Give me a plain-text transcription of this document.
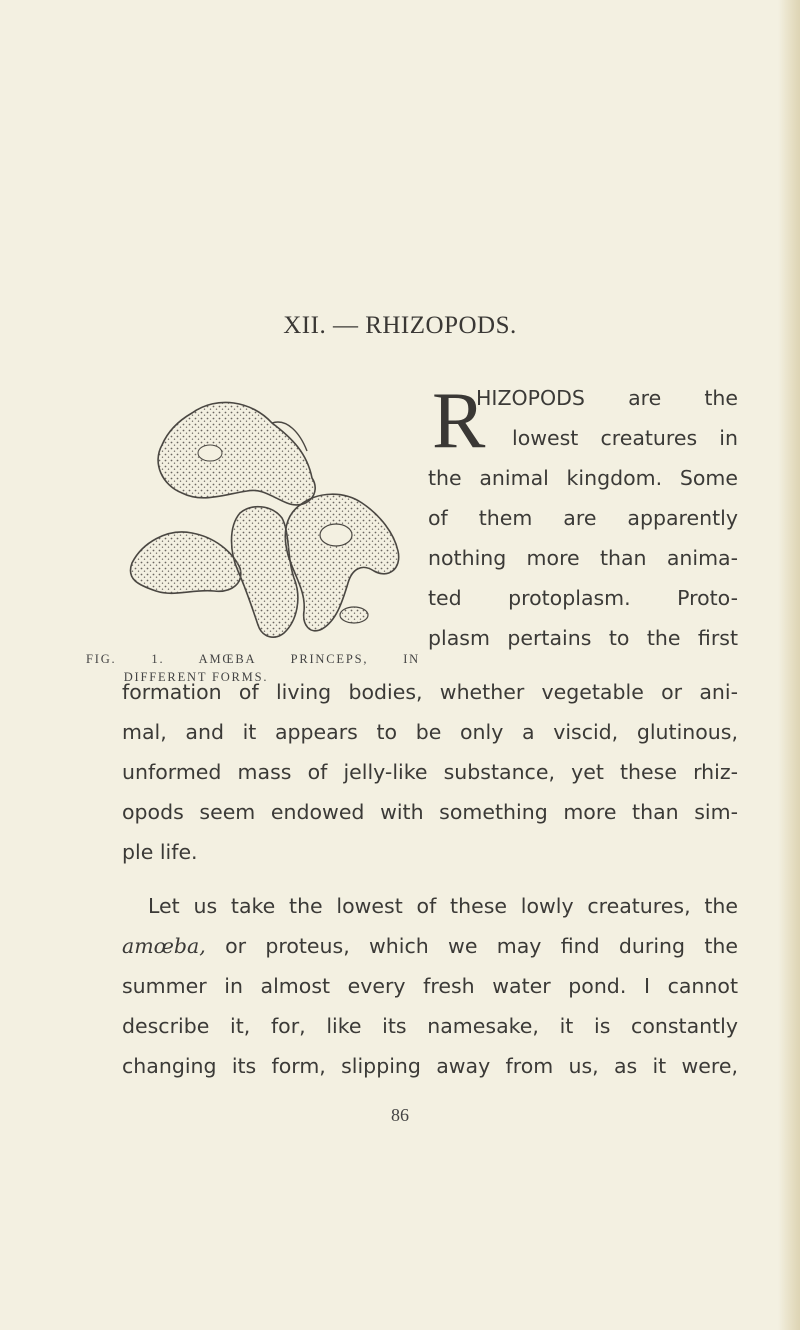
XII. — RHIZOPODS.
FIG. 1. AMŒBA PRINCEPS, IN
DIFFERENT FORMS.
R
HIZOPODS are the
lowest creatures in
the animal kingdom. Some
of them are apparently
nothing more than anima-
ted protoplasm. Proto-
plasm pertains to the first
formation of living bodies, whether vegetable or ani-
mal, and it appears to be only a viscid, glutinous,
unformed mass of jelly-like substance, yet these rhiz-
opods seem endowed with something more than sim-
ple life.
Let us take the lowest of these lowly creatures, the
amœba, or proteus, which we may find during the
summer in almost every fresh water pond. I cannot
describe it, for, like its namesake, it is constantly
changing its form, slipping away from us, as it were,
86
